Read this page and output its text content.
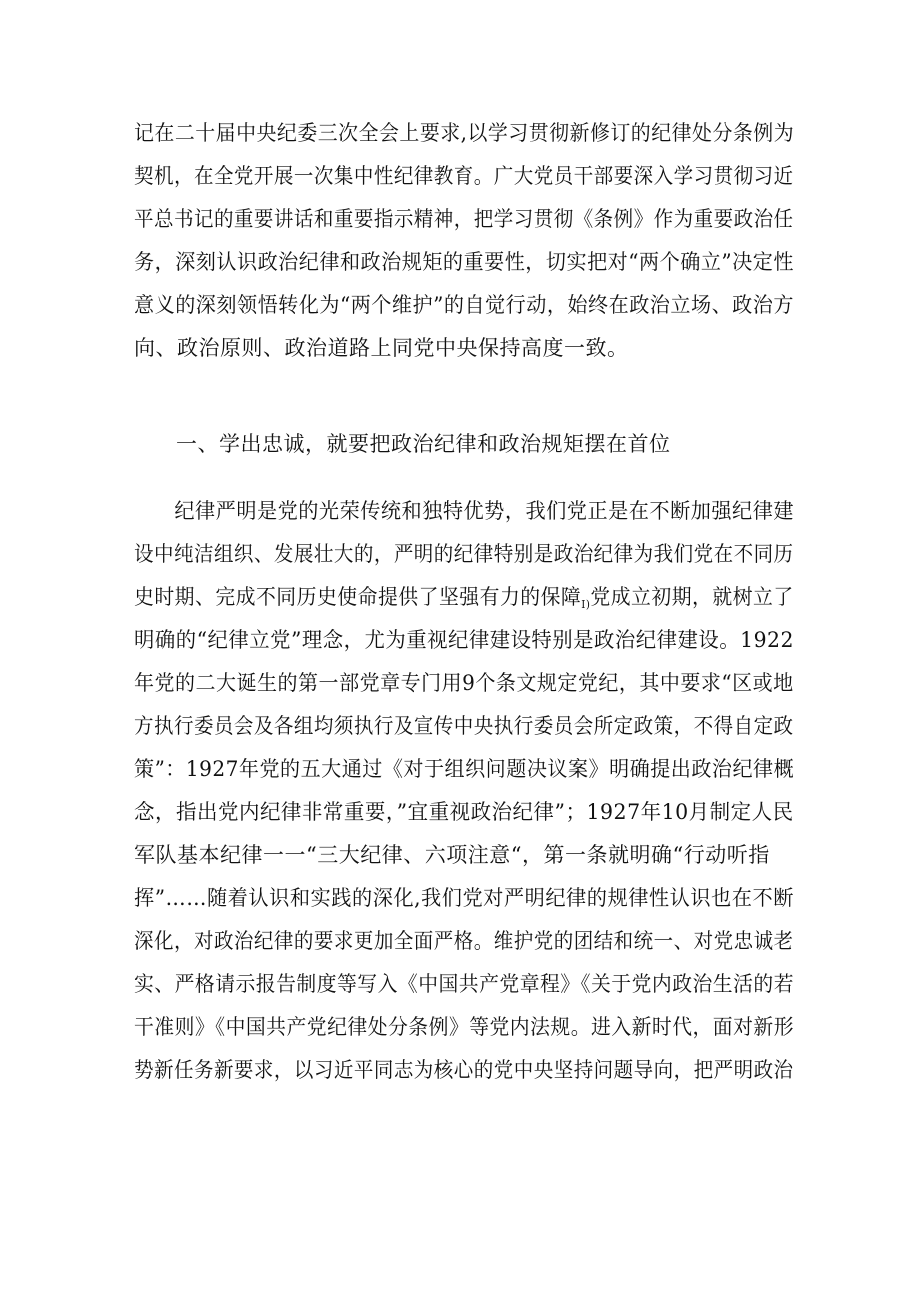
记在二十届中央纪委三次全会上要求,以学习贯彻新修订的纪律处分条例为
契机，在全党开展一次集中性纪律教育。广大党员干部要深入学习贯彻习近
平总书记的重要讲话和重要指示精神，把学习贯彻《条例》作为重要政治任
务，深刻认识政治纪律和政治规矩的重要性，切实把对“两个确立”决定性
意义的深刻领悟转化为“两个维护”的自觉行动，始终在政治立场、政治方
向、政治原则、政治道路上同党中央保持高度一致。
一、学出忠诚，就要把政治纪律和政治规矩摆在首位
纪律严明是党的光荣传统和独特优势，我们党正是在不断加强纪律建
设中纯洁组织、发展壮大的，严明的纪律特别是政治纪律为我们党在不同历
史时期、完成不同历史使命提供了坚强有力的保障$_{I)}$党成立初期，就树立了
明确的“纪律立党”理念，尤为重视纪律建设特别是政治纪律建设。1922
年党的二大诞生的第一部党章专门用9个条文规定党纪，其中要求“区或地
方执行委员会及各组均须执行及宣传中央执行委员会所定政策，不得自定政
策”：1927年党的五大通过《对于组织问题决议案》明确提出政治纪律概
念，指出党内纪律非常重要，”宜重视政治纪律”；1927年10月制定人民
军队基本纪律一一“三大纪律、六项注意“，第一条就明确“行动听指
挥”……随着认识和实践的深化,我们党对严明纪律的规律性认识也在不断
深化，对政治纪律的要求更加全面严格。维护党的团结和统一、对党忠诚老
实、严格请示报告制度等写入《中国共产党章程》《关于党内政治生活的若
干准则》《中国共产党纪律处分条例》等党内法规。进入新时代，面对新形
势新任务新要求，以习近平同志为核心的党中央坚持问题导向，把严明政治
